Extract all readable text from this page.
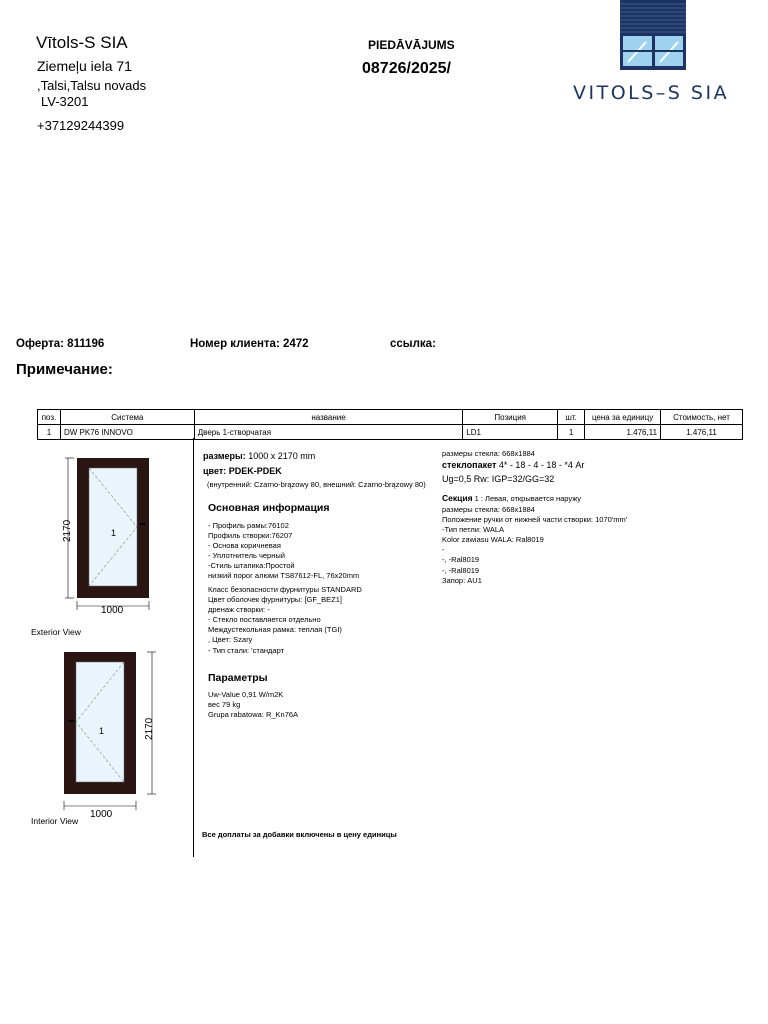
Vītols-S SIA
Ziemeļu iela 71
,Talsi,Talsu novads
LV-3201
+37129244399
PIEDĀVĀJUMS
08726/2025/
VITOLS–S SIA
Оферта: 811196	Номер клиента: 2472	ссылка:
Примечание:
поз.	Система	название	Позиция	шт.	цена за единицу	Стоимость, нет
1	DW PK76 INNOVO	Дверь 1-створчатая	LD1	1	1.476,11	1.476,11
1
2170
1000
Exterior View
1	2170
1000
Interior View
размеры: 1000 x 2170 mm
цвет: PDEK-PDEK
(внутренний: Czarno-brązowy 80, внешний: Czarno-brązowy 80)
Основная информация
- Профиль рамы:76102
Профиль створки:76207
- Основа коричневая
- Уплотнитель черный
-Стиль штапика:Простой
низкий порог алюми TS87612-FL, 76x20mm
Класс безопасности фурнитуры STANDARD
Цвет оболочек фурнитуры: [GF_BEZ1]
дренаж створки: -
- Стекло поставляется отдельно
Междустекольная рамка: теплая (TGI)
, Цвет: Szary
- Тип стали: 'стандарт
Параметры
Uw-Value 0,91 W/m2K
вес 79 kg
Grupa rabatowa: R_Kn76A
размеры стекла: 668x1884
стеклопакет 4* - 18 - 4 - 18 - *4 Ar
Ug=0,5 Rw: IGP=32/GG=32
Секция 1 : Левая, открывается наружу
размеры стекла: 668x1884
Положение ручки от нижней части створки: 1070'mm'
-Тип петли: WALA
Kolor zawiasu WALA: Ral8019
-
-, -Ral8019
-, -Ral8019
Запор: AU1
Все доплаты за добавки включены в цену единицы
